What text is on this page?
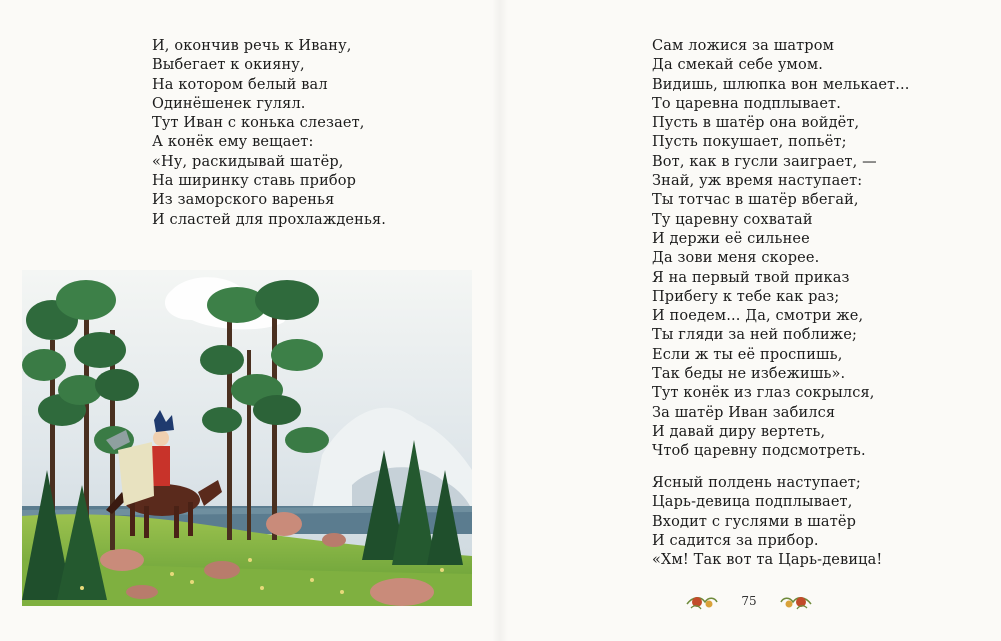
И, окончив речь к Ивану,
Выбегает к окияну,
На котором белый вал
Одинёшенек гулял.
Тут Иван с конька слезает,
А конёк ему вещает:
«Ну, раскидывай шатёр,
На ширинку ставь прибор
Из заморского варенья
И сластей для прохлажденья.
Сам ложися за шатром
Да смекай себе умом.
Видишь, шлюпка вон мелькает...
То царевна подплывает.
Пусть в шатёр она войдёт,
Пусть покушает, попьёт;
Вот, как в гусли заиграет, —
Знай, уж время наступает:
Ты тотчас в шатёр вбегай,
Ту царевну сохватай
И держи её сильнее
Да зови меня скорее.
Я на первый твой приказ
Прибегу к тебе как раз;
И поедем... Да, смотри же,
Ты гляди за ней поближе;
Если ж ты её проспишь,
Так беды не избежишь».
Тут конёк из глаз сокрылся,
За шатёр Иван забился
И давай диру вертеть,
Чтоб царевну подсмотреть.
Ясный полдень наступает;
Царь-девица подплывает,
Входит с гуслями в шатёр
И садится за прибор.
«Хм! Так вот та Царь-девица!
75
